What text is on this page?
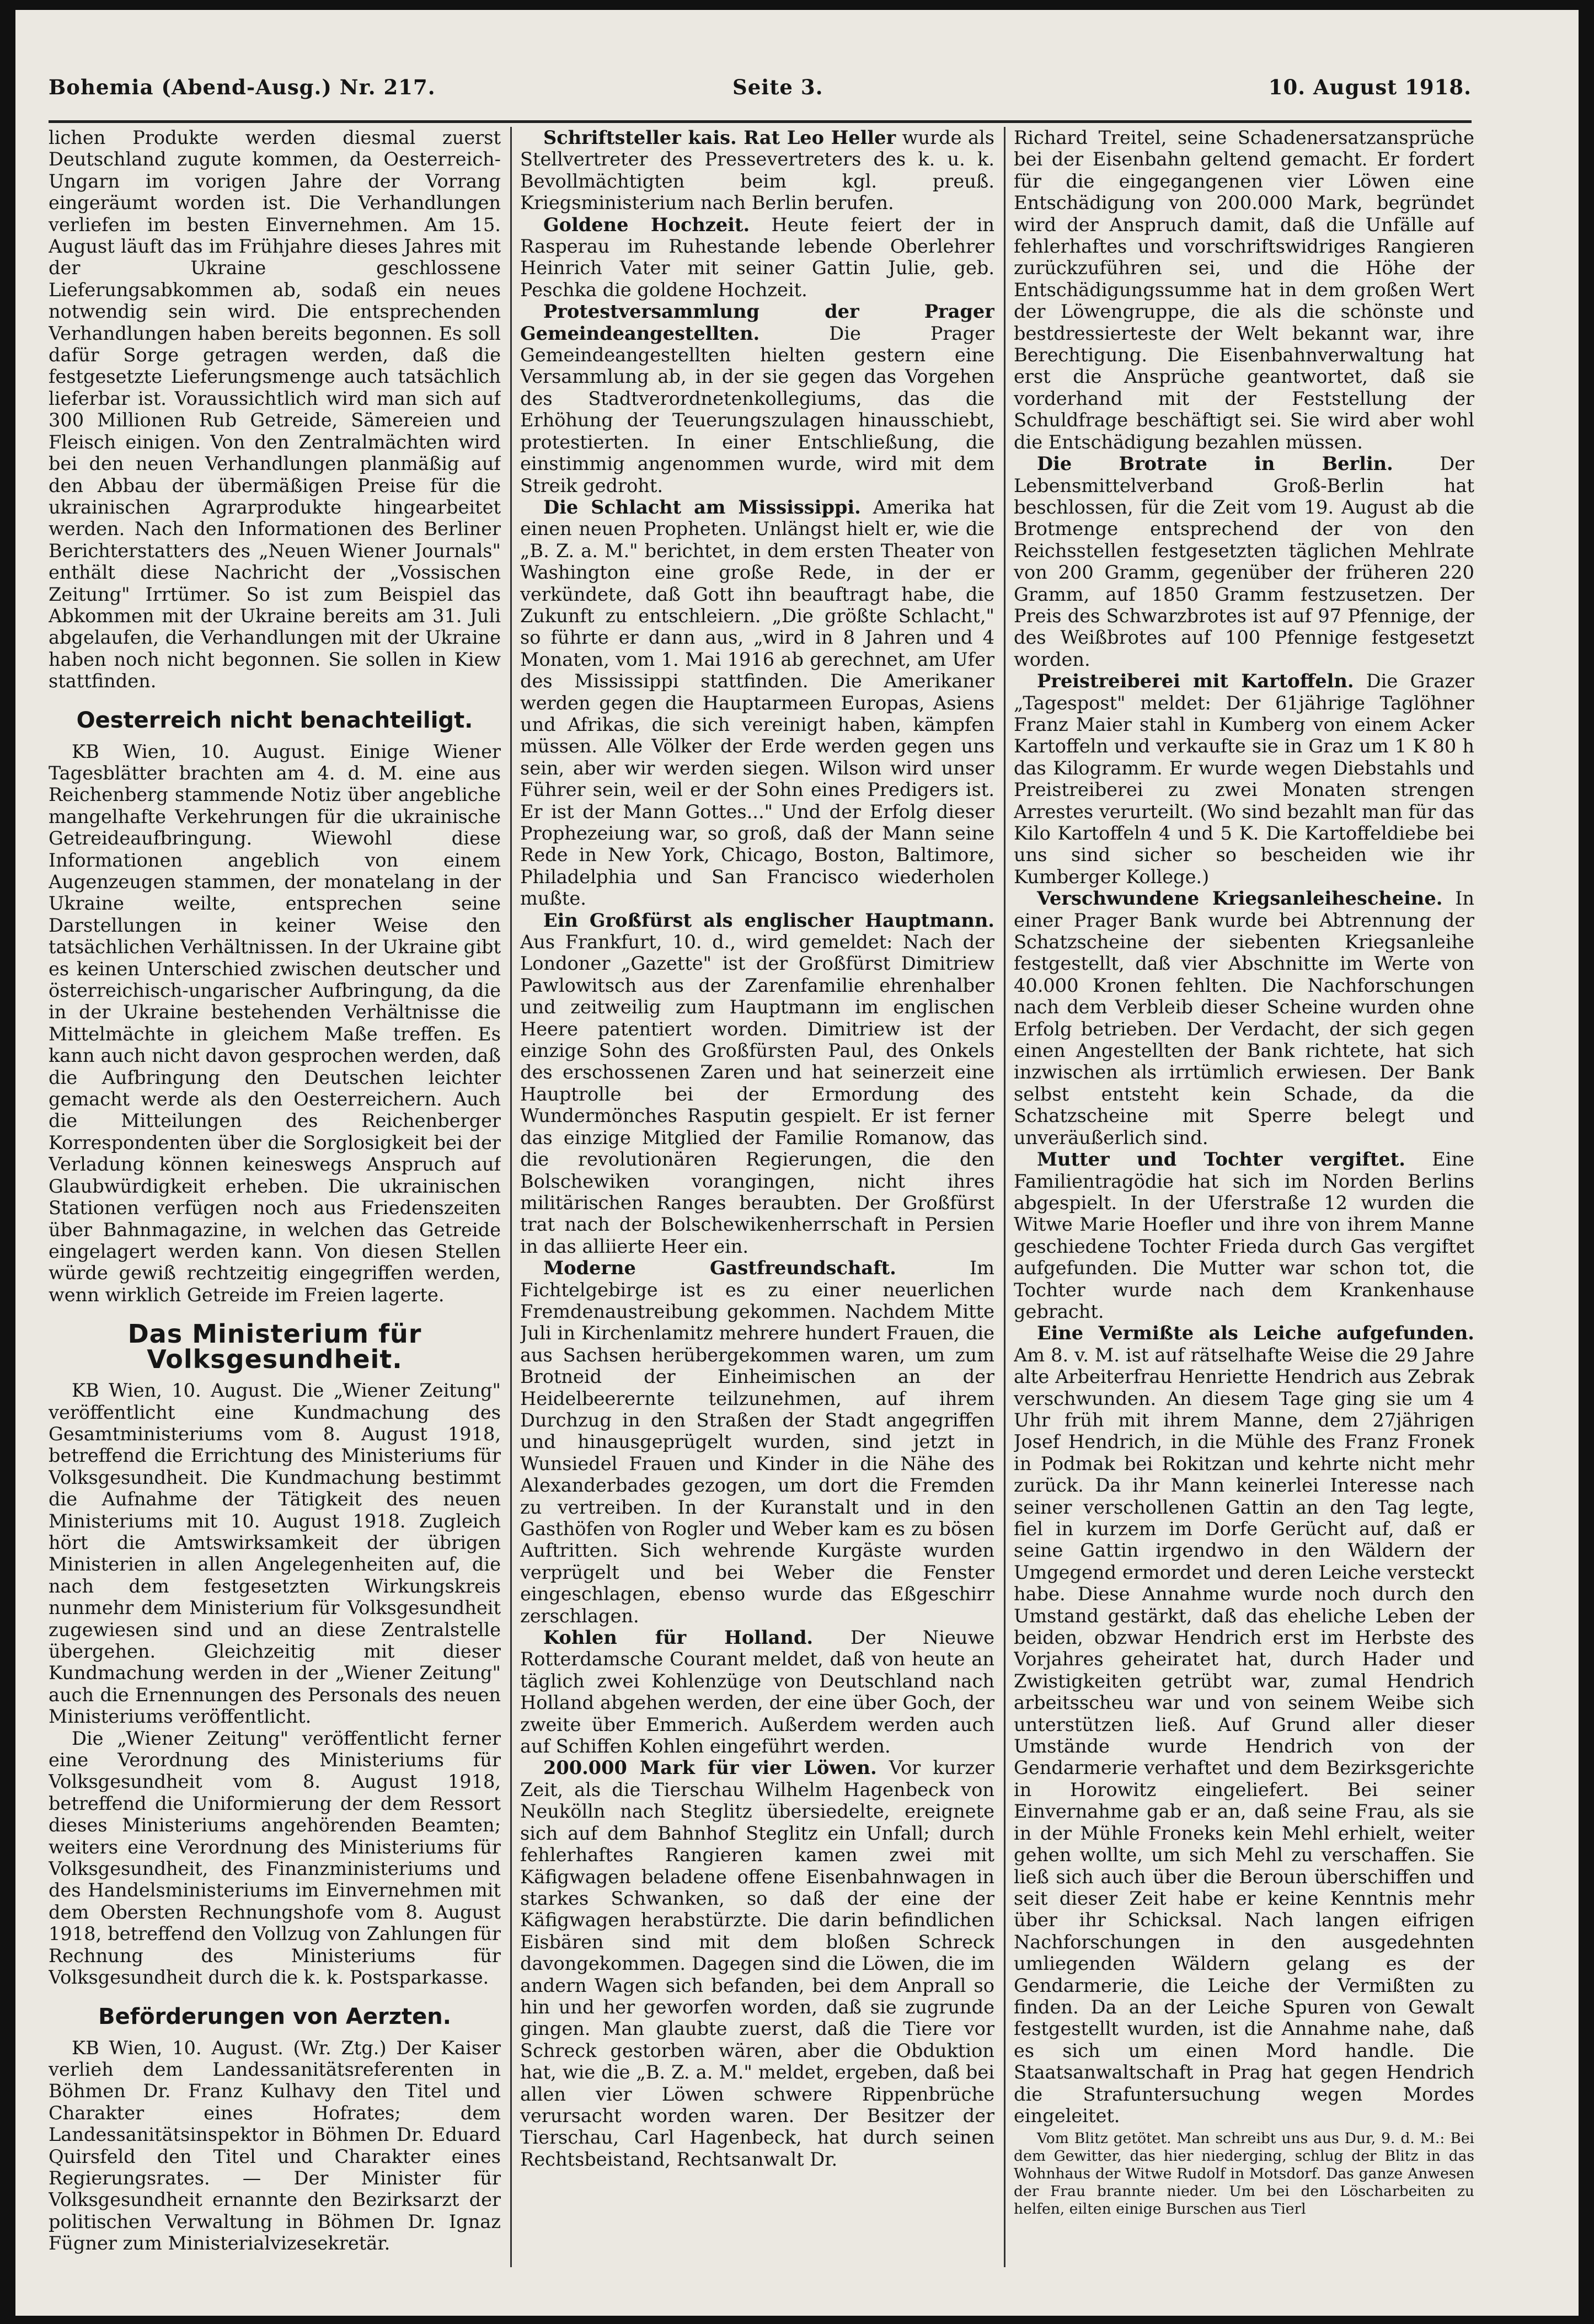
Bohemia (Abend-Ausg.) Nr. 217.	Seite 3.	10. August 1918.

lichen Produkte werden diesmal zuerst Deutschland zugute kommen, da Oesterreich-Ungarn im vorigen Jahre der Vorrang eingeräumt worden ist. Die Verhandlungen verliefen im besten Einvernehmen. Am 15. August läuft das im Frühjahre dieses Jahres mit der Ukraine geschlossene Lieferungsabkommen ab, sodaß ein neues notwendig sein wird. Die entsprechenden Verhandlungen haben bereits begonnen. Es soll dafür Sorge getragen werden, daß die festgesetzte Lieferungsmenge auch tatsächlich lieferbar ist. Voraussichtlich wird man sich auf 300 Millionen Rub Getreide, Sämereien und Fleisch einigen. Von den Zentralmächten wird bei den neuen Verhandlungen planmäßig auf den Abbau der übermäßigen Preise für die ukrainischen Agrarprodukte hingearbeitet werden. Nach den Informationen des Berliner Berichterstatters des „Neuen Wiener Journals" enthält diese Nachricht der „Vossischen Zeitung" Irrtümer. So ist zum Beispiel das Abkommen mit der Ukraine bereits am 31. Juli abgelaufen, die Verhandlungen mit der Ukraine haben noch nicht begonnen. Sie sollen in Kiew stattfinden.

Oesterreich nicht benachteiligt.

KB Wien, 10. August. Einige Wiener Tagesblätter brachten am 4. d. M. eine aus Reichenberg stammende Notiz über angebliche mangelhafte Verkehrungen für die ukrainische Getreideaufbringung. Wiewohl diese Informationen angeblich von einem Augenzeugen stammen, der monatelang in der Ukraine weilte, entsprechen seine Darstellungen in keiner Weise den tatsächlichen Verhältnissen. In der Ukraine gibt es keinen Unterschied zwischen deutscher und österreichisch-ungarischer Aufbringung, da die in der Ukraine bestehenden Verhältnisse die Mittelmächte in gleichem Maße treffen. Es kann auch nicht davon gesprochen werden, daß die Aufbringung den Deutschen leichter gemacht werde als den Oesterreichern. Auch die Mitteilungen des Reichenberger Korrespondenten über die Sorglosigkeit bei der Verladung können keineswegs Anspruch auf Glaubwürdigkeit erheben. Die ukrainischen Stationen verfügen noch aus Friedenszeiten über Bahnmagazine, in welchen das Getreide eingelagert werden kann. Von diesen Stellen würde gewiß rechtzeitig eingegriffen werden, wenn wirklich Getreide im Freien lagerte.

Das Ministerium für Volksgesundheit.

KB Wien, 10. August. Die „Wiener Zeitung" veröffentlicht eine Kundmachung des Gesamtministeriums vom 8. August 1918, betreffend die Errichtung des Ministeriums für Volksgesundheit. Die Kundmachung bestimmt die Aufnahme der Tätigkeit des neuen Ministeriums mit 10. August 1918. Zugleich hört die Amtswirksamkeit der übrigen Ministerien in allen Angelegenheiten auf, die nach dem festgesetzten Wirkungskreis nunmehr dem Ministerium für Volksgesundheit zugewiesen sind und an diese Zentralstelle übergehen. Gleichzeitig mit dieser Kundmachung werden in der „Wiener Zeitung" auch die Ernennungen des Personals des neuen Ministeriums veröffentlicht.

Die „Wiener Zeitung" veröffentlicht ferner eine Verordnung des Ministeriums für Volksgesundheit vom 8. August 1918, betreffend die Uniformierung der dem Ressort dieses Ministeriums angehörenden Beamten; weiters eine Verordnung des Ministeriums für Volksgesundheit, des Finanzministeriums und des Handelsministeriums im Einvernehmen mit dem Obersten Rechnungshofe vom 8. August 1918, betreffend den Vollzug von Zahlungen für Rechnung des Ministeriums für Volksgesundheit durch die k. k. Postsparkasse.

Beförderungen von Aerzten.

KB Wien, 10. August. (Wr. Ztg.) Der Kaiser verlieh dem Landessanitätsreferenten in Böhmen Dr. Franz Kulhavy den Titel und Charakter eines Hofrates; dem Landessanitätsinspektor in Böhmen Dr. Eduard Quirsfeld den Titel und Charakter eines Regierungsrates. — Der Minister für Volksgesundheit ernannte den Bezirksarzt der politischen Verwaltung in Böhmen Dr. Ignaz Fügner zum Ministerialvizesekretär.

Schriftsteller kais. Rat Leo Heller wurde als Stellvertreter des Pressevertreters des k. u. k. Bevollmächtigten beim kgl. preuß. Kriegsministerium nach Berlin berufen.

Goldene Hochzeit. Heute feiert der in Rasperau im Ruhestande lebende Oberlehrer Heinrich Vater mit seiner Gattin Julie, geb. Peschka die goldene Hochzeit.

Protestversammlung der Prager Gemeindeangestellten. Die Prager Gemeindeangestellten hielten gestern eine Versammlung ab, in der sie gegen das Vorgehen des Stadtverordnetenkollegiums, das die Erhöhung der Teuerungszulagen hinausschiebt, protestierten. In einer Entschließung, die einstimmig angenommen wurde, wird mit dem Streik gedroht.

Die Schlacht am Mississippi. Amerika hat einen neuen Propheten. Unlängst hielt er, wie die „B. Z. a. M." berichtet, in dem ersten Theater von Washington eine große Rede, in der er verkündete, daß Gott ihn beauftragt habe, die Zukunft zu entschleiern. „Die größte Schlacht," so führte er dann aus, „wird in 8 Jahren und 4 Monaten, vom 1. Mai 1916 ab gerechnet, am Ufer des Mississippi stattfinden. Die Amerikaner werden gegen die Hauptarmeen Europas, Asiens und Afrikas, die sich vereinigt haben, kämpfen müssen. Alle Völker der Erde werden gegen uns sein, aber wir werden siegen. Wilson wird unser Führer sein, weil er der Sohn eines Predigers ist. Er ist der Mann Gottes..." Und der Erfolg dieser Prophezeiung war, so groß, daß der Mann seine Rede in New York, Chicago, Boston, Baltimore, Philadelphia und San Francisco wiederholen mußte.

Ein Großfürst als englischer Hauptmann. Aus Frankfurt, 10. d., wird gemeldet: Nach der Londoner „Gazette" ist der Großfürst Dimitriew Pawlowitsch aus der Zarenfamilie ehrenhalber und zeitweilig zum Hauptmann im englischen Heere patentiert worden. Dimitriew ist der einzige Sohn des Großfürsten Paul, des Onkels des erschossenen Zaren und hat seinerzeit eine Hauptrolle bei der Ermordung des Wundermönches Rasputin gespielt. Er ist ferner das einzige Mitglied der Familie Romanow, das die revolutionären Regierungen, die den Bolschewiken vorangingen, nicht ihres militärischen Ranges beraubten. Der Großfürst trat nach der Bolschewikenherrschaft in Persien in das alliierte Heer ein.

Moderne Gastfreundschaft. Im Fichtelgebirge ist es zu einer neuerlichen Fremdenaustreibung gekommen. Nachdem Mitte Juli in Kirchenlamitz mehrere hundert Frauen, die aus Sachsen herübergekommen waren, um zum Brotneid der Einheimischen an der Heidelbeerernte teilzunehmen, auf ihrem Durchzug in den Straßen der Stadt angegriffen und hinausgeprügelt wurden, sind jetzt in Wunsiedel Frauen und Kinder in die Nähe des Alexanderbades gezogen, um dort die Fremden zu vertreiben. In der Kuranstalt und in den Gasthöfen von Rogler und Weber kam es zu bösen Auftritten. Sich wehrende Kurgäste wurden verprügelt und bei Weber die Fenster eingeschlagen, ebenso wurde das Eßgeschirr zerschlagen.

Kohlen für Holland. Der Nieuwe Rotterdamsche Courant meldet, daß von heute an täglich zwei Kohlenzüge von Deutschland nach Holland abgehen werden, der eine über Goch, der zweite über Emmerich. Außerdem werden auch auf Schiffen Kohlen eingeführt werden.

200.000 Mark für vier Löwen. Vor kurzer Zeit, als die Tierschau Wilhelm Hagenbeck von Neukölln nach Steglitz übersiedelte, ereignete sich auf dem Bahnhof Steglitz ein Unfall; durch fehlerhaftes Rangieren kamen zwei mit Käfigwagen beladene offene Eisenbahnwagen in starkes Schwanken, so daß der eine der Käfigwagen herabstürzte. Die darin befindlichen Eisbären sind mit dem bloßen Schreck davongekommen. Dagegen sind die Löwen, die im andern Wagen sich befanden, bei dem Anprall so hin und her geworfen worden, daß sie zugrunde gingen. Man glaubte zuerst, daß die Tiere vor Schreck gestorben wären, aber die Obduktion hat, wie die „B. Z. a. M." meldet, ergeben, daß bei allen vier Löwen schwere Rippenbrüche verursacht worden waren. Der Besitzer der Tierschau, Carl Hagenbeck, hat durch seinen Rechtsbeistand, Rechtsanwalt Dr.

Richard Treitel, seine Schadenersatzansprüche bei der Eisenbahn geltend gemacht. Er fordert für die eingegangenen vier Löwen eine Entschädigung von 200.000 Mark, begründet wird der Anspruch damit, daß die Unfälle auf fehlerhaftes und vorschriftswidriges Rangieren zurückzuführen sei, und die Höhe der Entschädigungssumme hat in dem großen Wert der Löwengruppe, die als die schönste und bestdressierteste der Welt bekannt war, ihre Berechtigung. Die Eisenbahnverwaltung hat erst die Ansprüche geantwortet, daß sie vorderhand mit der Feststellung der Schuldfrage beschäftigt sei. Sie wird aber wohl die Entschädigung bezahlen müssen.

Die Brotrate in Berlin. Der Lebensmittelverband Groß-Berlin hat beschlossen, für die Zeit vom 19. August ab die Brotmenge entsprechend der von den Reichsstellen festgesetzten täglichen Mehlrate von 200 Gramm, gegenüber der früheren 220 Gramm, auf 1850 Gramm festzusetzen. Der Preis des Schwarzbrotes ist auf 97 Pfennige, der des Weißbrotes auf 100 Pfennige festgesetzt worden.

Preistreiberei mit Kartoffeln. Die Grazer „Tagespost" meldet: Der 61jährige Taglöhner Franz Maier stahl in Kumberg von einem Acker Kartoffeln und verkaufte sie in Graz um 1 K 80 h das Kilogramm. Er wurde wegen Diebstahls und Preistreiberei zu zwei Monaten strengen Arrestes verurteilt. (Wo sind bezahlt man für das Kilo Kartoffeln 4 und 5 K. Die Kartoffeldiebe bei uns sind sicher so bescheiden wie ihr Kumberger Kollege.)

Verschwundene Kriegsanleihescheine. In einer Prager Bank wurde bei Abtrennung der Schatzscheine der siebenten Kriegsanleihe festgestellt, daß vier Abschnitte im Werte von 40.000 Kronen fehlten. Die Nachforschungen nach dem Verbleib dieser Scheine wurden ohne Erfolg betrieben. Der Verdacht, der sich gegen einen Angestellten der Bank richtete, hat sich inzwischen als irrtümlich erwiesen. Der Bank selbst entsteht kein Schade, da die Schatzscheine mit Sperre belegt und unveräußerlich sind.

Mutter und Tochter vergiftet. Eine Familientragödie hat sich im Norden Berlins abgespielt. In der Uferstraße 12 wurden die Witwe Marie Hoefler und ihre von ihrem Manne geschiedene Tochter Frieda durch Gas vergiftet aufgefunden. Die Mutter war schon tot, die Tochter wurde nach dem Krankenhause gebracht.

Eine Vermißte als Leiche aufgefunden. Am 8. v. M. ist auf rätselhafte Weise die 29 Jahre alte Arbeiterfrau Henriette Hendrich aus Zebrak verschwunden. An diesem Tage ging sie um 4 Uhr früh mit ihrem Manne, dem 27jährigen Josef Hendrich, in die Mühle des Franz Fronek in Podmak bei Rokitzan und kehrte nicht mehr zurück. Da ihr Mann keinerlei Interesse nach seiner verschollenen Gattin an den Tag legte, fiel in kurzem im Dorfe Gerücht auf, daß er seine Gattin irgendwo in den Wäldern der Umgegend ermordet und deren Leiche versteckt habe. Diese Annahme wurde noch durch den Umstand gestärkt, daß das eheliche Leben der beiden, obzwar Hendrich erst im Herbste des Vorjahres geheiratet hat, durch Hader und Zwistigkeiten getrübt war, zumal Hendrich arbeitsscheu war und von seinem Weibe sich unterstützen ließ. Auf Grund aller dieser Umstände wurde Hendrich von der Gendarmerie verhaftet und dem Bezirksgerichte in Horowitz eingeliefert. Bei seiner Einvernahme gab er an, daß seine Frau, als sie in der Mühle Froneks kein Mehl erhielt, weiter gehen wollte, um sich Mehl zu verschaffen. Sie ließ sich auch über die Beroun überschiffen und seit dieser Zeit habe er keine Kenntnis mehr über ihr Schicksal. Nach langen eifrigen Nachforschungen in den ausgedehnten umliegenden Wäldern gelang es der Gendarmerie, die Leiche der Vermißten zu finden. Da an der Leiche Spuren von Gewalt festgestellt wurden, ist die Annahme nahe, daß es sich um einen Mord handle. Die Staatsanwaltschaft in Prag hat gegen Hendrich die Strafuntersuchung wegen Mordes eingeleitet.

Vom Blitz getötet. Man schreibt uns aus Dur, 9. d. M.: Bei dem Gewitter, das hier niederging, schlug der Blitz in das Wohnhaus der Witwe Rudolf in Motsdorf. Das ganze Anwesen der Frau brannte nieder. Um bei den Löscharbeiten zu helfen, eilten einige Burschen aus Tierl
